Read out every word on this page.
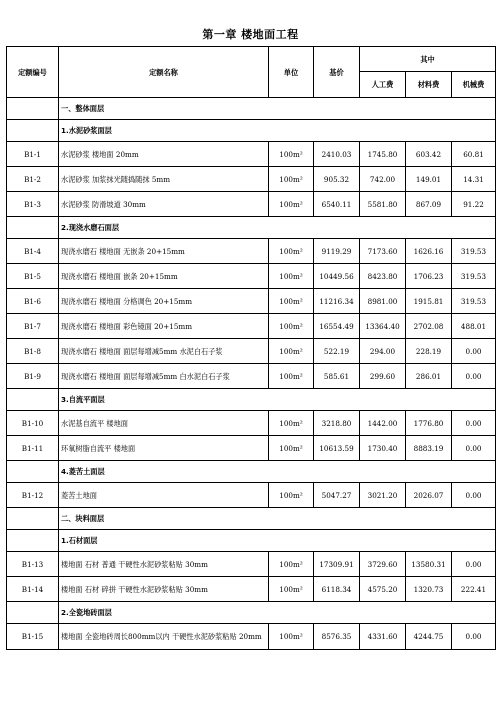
第一章 楼地面工程
定额编号	定额名称	单位	基价	其中		
				人工费	材料费	机械费
	一、整体面层					
	1.水泥砂浆面层					
B1-1	水泥砂浆 楼地面 20mm	100m²	2410.03	1745.80	603.42	60.81
B1-2	水泥砂浆 加浆抹光随捣随抹 5mm	100m²	905.32	742.00	149.01	14.31
B1-3	水泥砂浆 防滑坡道 30mm	100m²	6540.11	5581.80	867.09	91.22
	2.现浇水磨石面层					
B1-4	现浇水磨石 楼地面 无嵌条 20+15mm	100m²	9119.29	7173.60	1626.16	319.53
B1-5	现浇水磨石 楼地面 嵌条 20+15mm	100m²	10449.56	8423.80	1706.23	319.53
B1-6	现浇水磨石 楼地面 分格调色 20+15mm	100m²	11216.34	8981.00	1915.81	319.53
B1-7	现浇水磨石 楼地面 彩色镜面 20+15mm	100m²	16554.49	13364.40	2702.08	488.01
B1-8	现浇水磨石 楼地面 面层每增减5mm 水泥白石子浆	100m²	522.19	294.00	228.19	0.00
B1-9	现浇水磨石 楼地面 面层每增减5mm 白水泥白石子浆	100m²	585.61	299.60	286.01	0.00
	3.自流平面层					
B1-10	水泥基自流平 楼地面	100m²	3218.80	1442.00	1776.80	0.00
B1-11	环氧树脂自流平 楼地面	100m²	10613.59	1730.40	8883.19	0.00
	4.菱苦土面层					
B1-12	菱苦土地面	100m²	5047.27	3021.20	2026.07	0.00
	二、块料面层					
	1.石材面层					
B1-13	楼地面 石材 普通 干硬性水泥砂浆粘贴 30mm	100m²	17309.91	3729.60	13580.31	0.00
B1-14	楼地面 石材 碎拼 干硬性水泥砂浆粘贴 30mm	100m²	6118.34	4575.20	1320.73	222.41
	2.全瓷地砖面层					
B1-15	楼地面 全瓷地砖周长800mm以内 干硬性水泥砂浆粘贴 20mm	100m²	8576.35	4331.60	4244.75	0.00
